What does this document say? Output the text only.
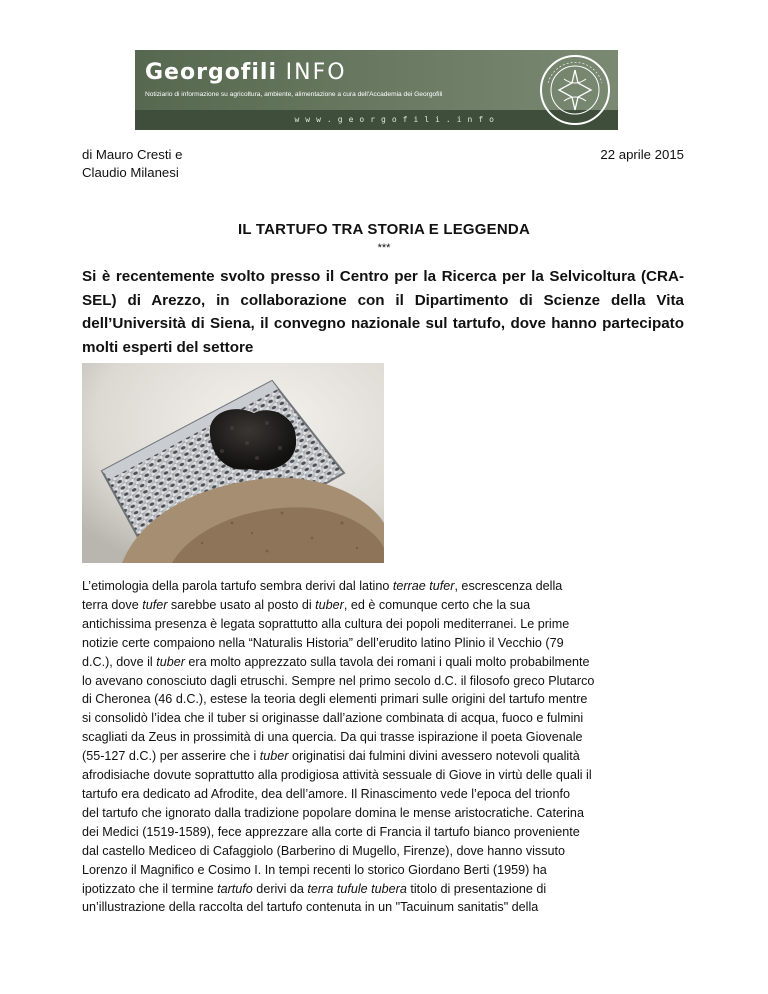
Georgofili INFO
Notiziario di informazione su agricoltura, ambiente, alimentazione a cura dell'Accademia dei Georgofili
www.georgofili.info
di Mauro Cresti e
Claudio Milanesi
22 aprile 2015
IL TARTUFO TRA STORIA E LEGGENDA
***
Si è recentemente svolto presso il Centro per la Ricerca per la Selvicoltura (CRA-SEL) di Arezzo, in collaborazione con il Dipartimento di Scienze della Vita dell’Università di Siena, il convegno nazionale sul tartufo, dove hanno partecipato molti esperti del settore

L’etimologia della parola tartufo sembra derivi dal latino terrae tufer, escrescenza della
terra dove tufer sarebbe usato al posto di tuber, ed è comunque certo che la sua
antichissima presenza è legata soprattutto alla cultura dei popoli mediterranei. Le prime
notizie certe compaiono nella “Naturalis Historia” dell’erudito latino Plinio il Vecchio (79
d.C.), dove il tuber era molto apprezzato sulla tavola dei romani i quali molto probabilmente
lo avevano conosciuto dagli etruschi. Sempre nel primo secolo d.C. il filosofo greco Plutarco
di Cheronea (46 d.C.), estese la teoria degli elementi primari sulle origini del tartufo mentre
si consolidò l’idea che il tuber si originasse dall’azione combinata di acqua, fuoco e fulmini
scagliati da Zeus in prossimità di una quercia. Da qui trasse ispirazione il poeta Giovenale
(55-127 d.C.) per asserire che i tuber originatisi dai fulmini divini avessero notevoli qualità
afrodisiache dovute soprattutto alla prodigiosa attività sessuale di Giove in virtù delle quali il
tartufo era dedicato ad Afrodite, dea dell’amore. Il Rinascimento vede l’epoca del trionfo
del tartufo che ignorato dalla tradizione popolare domina le mense aristocratiche. Caterina
dei Medici (1519-1589), fece apprezzare alla corte di Francia il tartufo bianco proveniente
dal castello Mediceo di Cafaggiolo (Barberino di Mugello, Firenze), dove hanno vissuto
Lorenzo il Magnifico e Cosimo I. In tempi recenti lo storico Giordano Berti (1959) ha
ipotizzato che il termine tartufo derivi da terra tufule tubera titolo di presentazione di
un’illustrazione della raccolta del tartufo contenuta in un "Tacuinum sanitatis" della
